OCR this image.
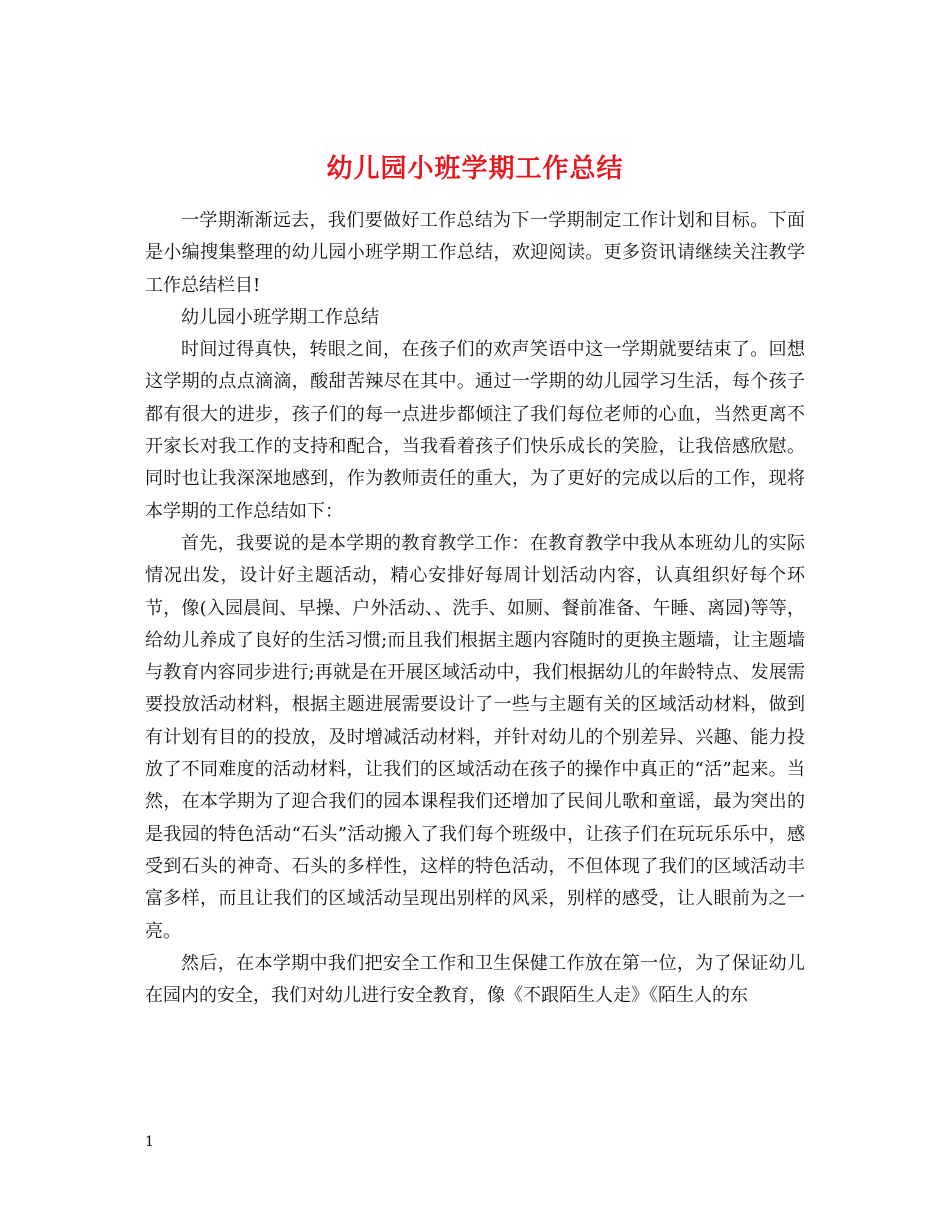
幼儿园小班学期工作总结

一学期渐渐远去，我们要做好工作总结为下一学期制定工作计划和目标。下面是小编搜集整理的幼儿园小班学期工作总结，欢迎阅读。更多资讯请继续关注教学工作总结栏目!

幼儿园小班学期工作总结

时间过得真快，转眼之间，在孩子们的欢声笑语中这一学期就要结束了。回想这学期的点点滴滴，酸甜苦辣尽在其中。通过一学期的幼儿园学习生活，每个孩子都有很大的进步，孩子们的每一点进步都倾注了我们每位老师的心血，当然更离不开家长对我工作的支持和配合，当我看着孩子们快乐成长的笑脸，让我倍感欣慰。同时也让我深深地感到，作为教师责任的重大，为了更好的完成以后的工作，现将本学期的工作总结如下：

首先，我要说的是本学期的教育教学工作：在教育教学中我从本班幼儿的实际情况出发，设计好主题活动，精心安排好每周计划活动内容，认真组织好每个环节，像(入园晨间、早操、户外活动、、洗手、如厕、餐前准备、午睡、离园)等等，给幼儿养成了良好的生活习惯;而且我们根据主题内容随时的更换主题墙，让主题墙与教育内容同步进行;再就是在开展区域活动中，我们根据幼儿的年龄特点、发展需要投放活动材料，根据主题进展需要设计了一些与主题有关的区域活动材料，做到有计划有目的的投放，及时增减活动材料，并针对幼儿的个别差异、兴趣、能力投放了不同难度的活动材料，让我们的区域活动在孩子的操作中真正的“活”起来。当然，在本学期为了迎合我们的园本课程我们还增加了民间儿歌和童谣，最为突出的是我园的特色活动“石头”活动搬入了我们每个班级中，让孩子们在玩玩乐乐中，感受到石头的神奇、石头的多样性，这样的特色活动，不但体现了我们的区域活动丰富多样，而且让我们的区域活动呈现出别样的风采，别样的感受，让人眼前为之一亮。

然后，在本学期中我们把安全工作和卫生保健工作放在第一位，为了保证幼儿在园内的安全，我们对幼儿进行安全教育，像《不跟陌生人走》《陌生人的东

1
